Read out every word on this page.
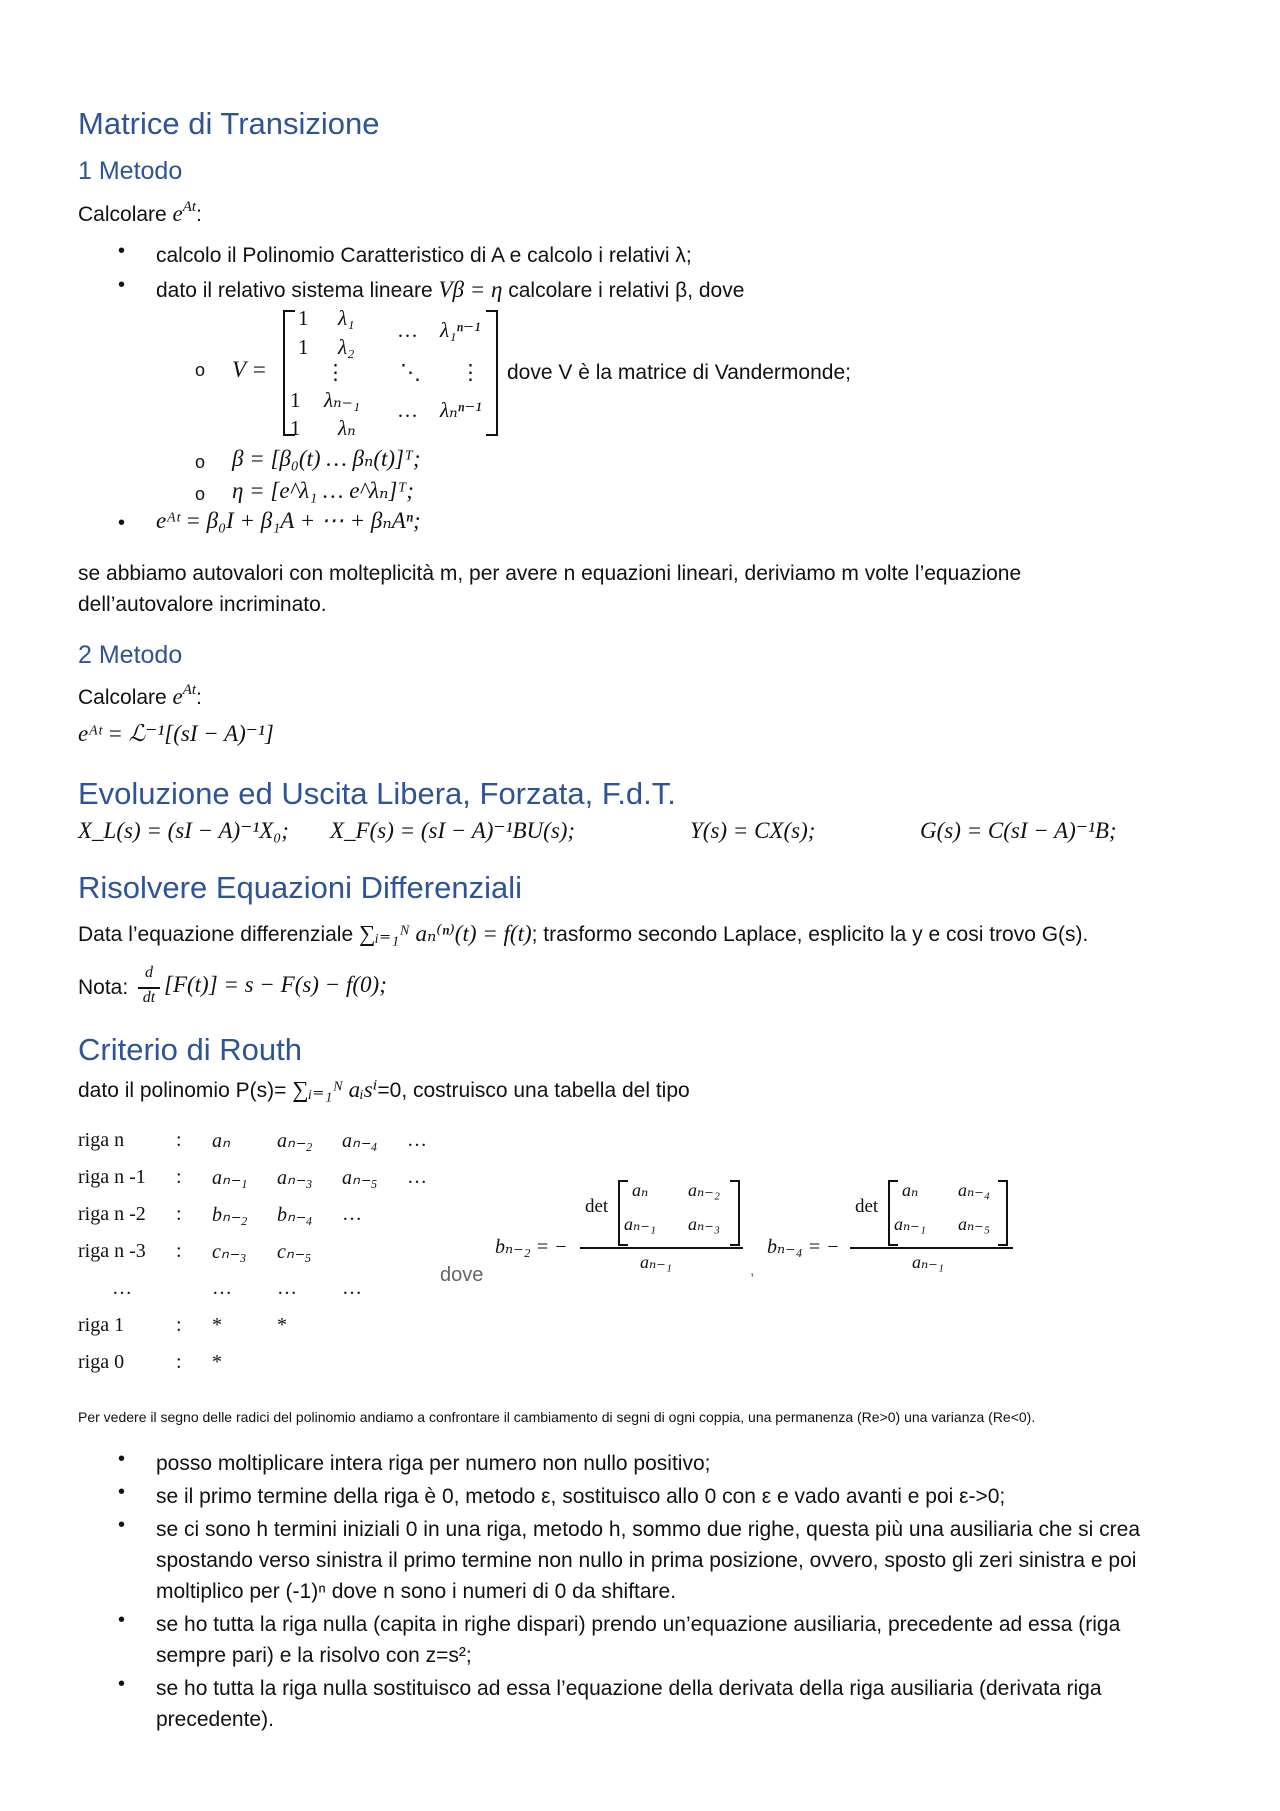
Matrice di Transizione
1 Metodo
Calcolare $e^{At}$:
• calcolo il Polinomio Caratteristico di A e calcolo i relativi λ;
• dato il relativo sistema lineare Vβ = η calcolare i relativi β, dove
o V =
1 λ₁ … λ₁ⁿ⁻¹
1 λ₂
⋮	⋱ ⋮
1 λₙ₋₁ … λₙⁿ⁻¹
1 λₙ
dove V è la matrice di Vandermonde;
o β = [β₀(t) … βₙ(t)]ᵀ;
o η = [e^λ₁ … e^λₙ]ᵀ;
• eᴬᵗ = β₀I + β₁A + ⋯ + βₙAⁿ;
se abbiamo autovalori con molteplicità m, per avere n equazioni lineari, deriviamo m volte l’equazione
dell’autovalore incriminato.
2 Metodo
Calcolare $e^{At}$:
eᴬᵗ = ℒ⁻¹[(sI − A)⁻¹]
Evoluzione ed Uscita Libera, Forzata, F.d.T.
X_L(s) = (sI − A)⁻¹X₀; X_F(s) = (sI − A)⁻¹BU(s);	Y(s) = CX(s);	G(s) = C(sI − A)⁻¹B;
Risolvere Equazioni Differenziali
Data l’equazione differenziale ∑ᵢ₌₁ᴺ aₙ⁽ⁿ⁾(t) = f(t); trasformo secondo Laplace, esplicito la y e cosi trovo G(s).
Nota:
d
dt
[F(t)] = s − F(s) − f(0);
Criterio di Routh
dato il polinomio P(s)= ∑ᵢ₌₁ᴺ aᵢsⁱ=0, costruisco una tabella del tipo
riga n	:	aₙ	aₙ₋₂	aₙ₋₄	…
riga n -1	:	aₙ₋₁	aₙ₋₃	aₙ₋₅	…
riga n -2	:	bₙ₋₂	bₙ₋₄	…	
riga n -3	:	cₙ₋₃	cₙ₋₅		
…		…	…	…	
riga 1	:	*	*		
riga 0	:	*			
dove
bₙ₋₂ = −
det
aₙ aₙ₋₂
aₙ₋₁ aₙ₋₃
aₙ₋₁	,
bₙ₋₄ = −
det
aₙ aₙ₋₄
aₙ₋₁ aₙ₋₅
aₙ₋₁
Per vedere il segno delle radici del polinomio andiamo a confrontare il cambiamento di segni di ogni coppia, una permanenza (Re>0) una varianza (Re<0).
• posso moltiplicare intera riga per numero non nullo positivo;
• se il primo termine della riga è 0, metodo ε, sostituisco allo 0 con ε e vado avanti e poi ε->0;
• se ci sono h termini iniziali 0 in una riga, metodo h, sommo due righe, questa più una ausiliaria che si crea
spostando verso sinistra il primo termine non nullo in prima posizione, ovvero, sposto gli zeri sinistra e poi
moltiplico per (-1)ⁿ dove n sono i numeri di 0 da shiftare.
• se ho tutta la riga nulla (capita in righe dispari) prendo un’equazione ausiliaria, precedente ad essa (riga
sempre pari) e la risolvo con z=s²;
• se ho tutta la riga nulla sostituisco ad essa l’equazione della derivata della riga ausiliaria (derivata riga
precedente).
